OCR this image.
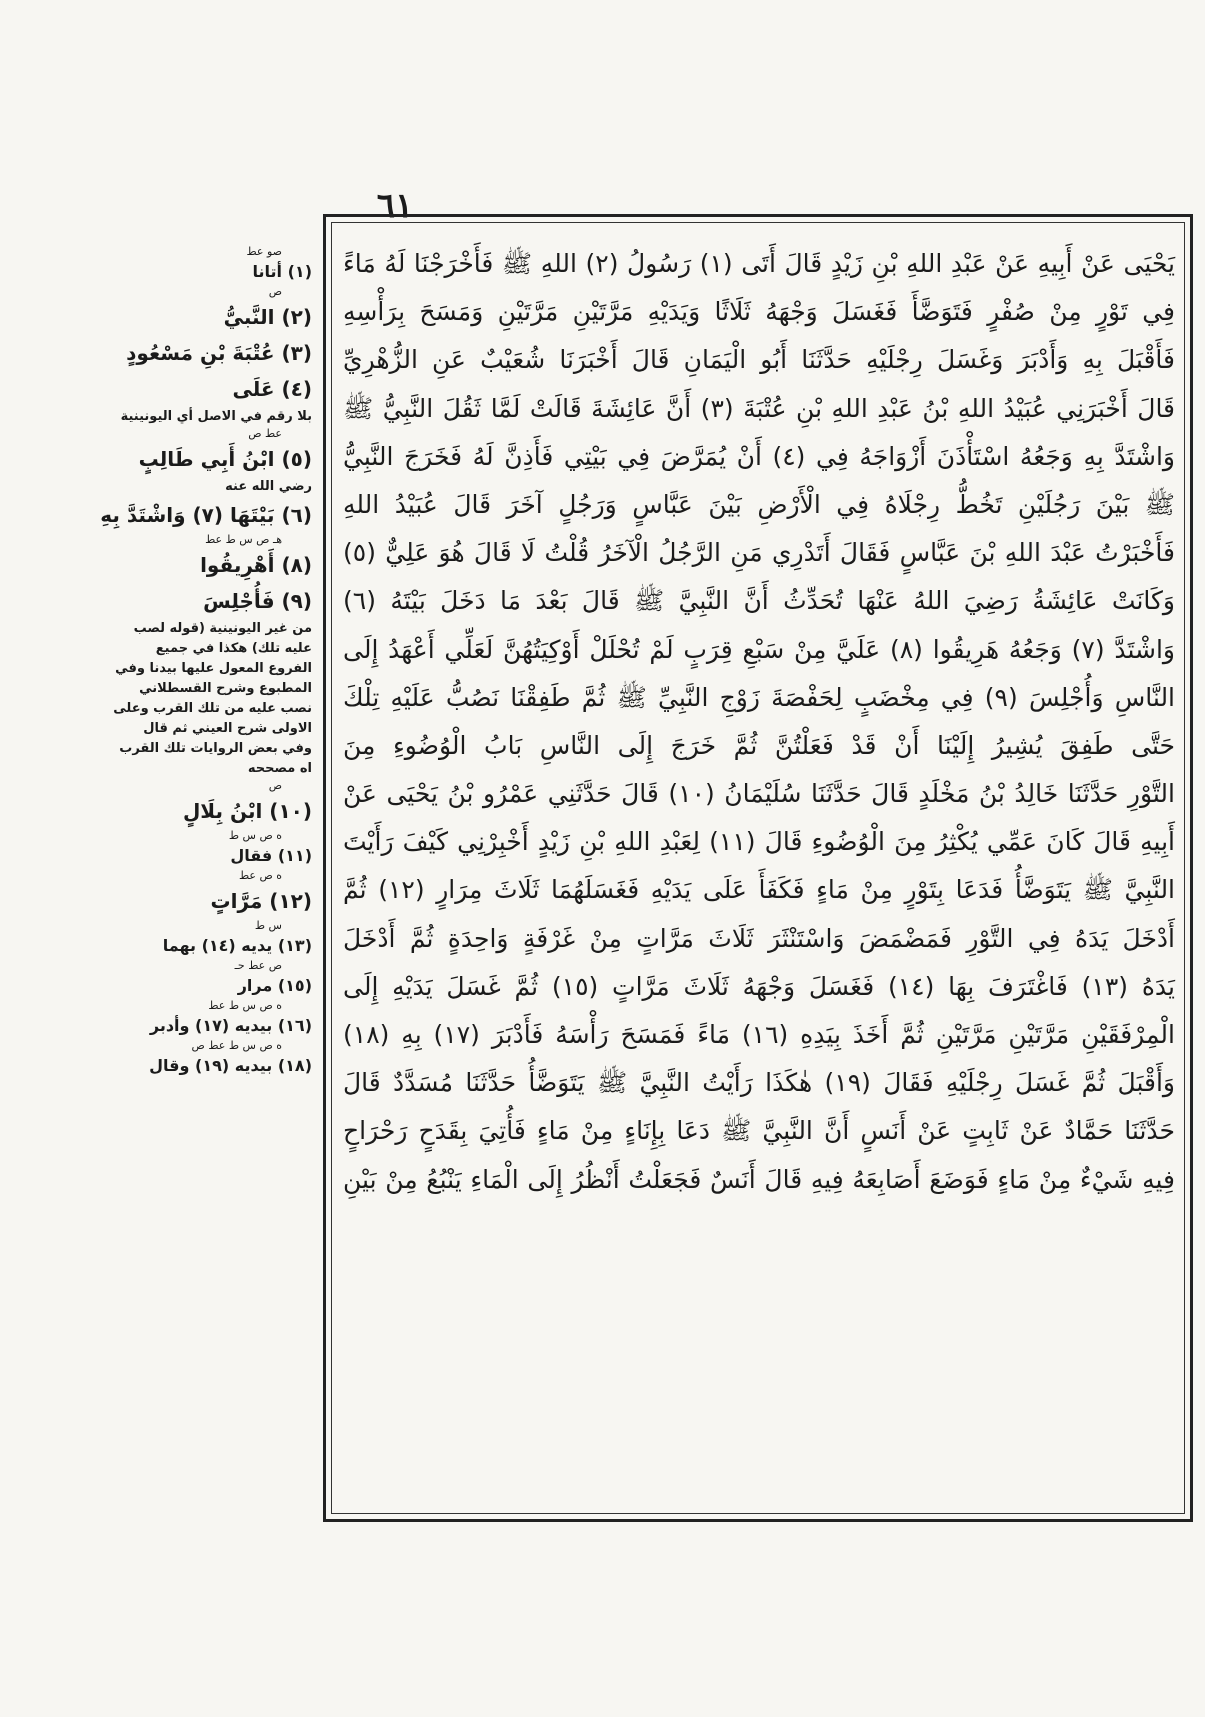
٦١
يَحْيَى عَنْ أَبِيهِ عَنْ عَبْدِ اللهِ بْنِ زَيْدٍ قَالَ أَتَى (١) رَسُولُ (٢) اللهِ ﷺ فَأَخْرَجْنَا لَهُ مَاءً
فِي تَوْرٍ مِنْ صُفْرٍ فَتَوَضَّأَ فَغَسَلَ وَجْهَهُ ثَلَاثًا وَيَدَيْهِ مَرَّتَيْنِ مَرَّتَيْنِ وَمَسَحَ بِرَأْسِهِ
فَأَقْبَلَ بِهِ وَأَدْبَرَ وَغَسَلَ رِجْلَيْهِ حَدَّثَنَا أَبُو الْيَمَانِ قَالَ أَخْبَرَنَا شُعَيْبٌ عَنِ الزُّهْرِيِّ
قَالَ أَخْبَرَنِي عُبَيْدُ اللهِ بْنُ عَبْدِ اللهِ بْنِ عُتْبَةَ (٣) أَنَّ عَائِشَةَ قَالَتْ لَمَّا ثَقُلَ النَّبِيُّ ﷺ
وَاشْتَدَّ بِهِ وَجَعُهُ اسْتَأْذَنَ أَزْوَاجَهُ فِي (٤) أَنْ يُمَرَّضَ فِي بَيْتِي فَأَذِنَّ لَهُ فَخَرَجَ النَّبِيُّ
ﷺ بَيْنَ رَجُلَيْنِ تَخُطُّ رِجْلَاهُ فِي الْأَرْضِ بَيْنَ عَبَّاسٍ وَرَجُلٍ آخَرَ قَالَ عُبَيْدُ اللهِ
فَأَخْبَرْتُ عَبْدَ اللهِ بْنَ عَبَّاسٍ فَقَالَ أَتَدْرِي مَنِ الرَّجُلُ الْآخَرُ قُلْتُ لَا قَالَ هُوَ عَلِيٌّ (٥)
وَكَانَتْ عَائِشَةُ رَضِيَ اللهُ عَنْهَا تُحَدِّثُ أَنَّ النَّبِيَّ ﷺ قَالَ بَعْدَ مَا دَخَلَ بَيْتَهُ (٦)
وَاشْتَدَّ (٧) وَجَعُهُ هَرِيقُوا (٨) عَلَيَّ مِنْ سَبْعِ قِرَبٍ لَمْ تُحْلَلْ أَوْكِيَتُهُنَّ لَعَلِّي أَعْهَدُ إِلَى
النَّاسِ وَأُجْلِسَ (٩) فِي مِخْضَبٍ لِحَفْصَةَ زَوْجِ النَّبِيِّ ﷺ ثُمَّ طَفِقْنَا نَصُبُّ عَلَيْهِ تِلْكَ
حَتَّى طَفِقَ يُشِيرُ إِلَيْنَا أَنْ قَدْ فَعَلْتُنَّ ثُمَّ خَرَجَ إِلَى النَّاسِ بَابُ الْوُضُوءِ مِنَ
التَّوْرِ حَدَّثَنَا خَالِدُ بْنُ مَخْلَدٍ قَالَ حَدَّثَنَا سُلَيْمَانُ (١٠) قَالَ حَدَّثَنِي عَمْرُو بْنُ يَحْيَى عَنْ
أَبِيهِ قَالَ كَانَ عَمِّي يُكْثِرُ مِنَ الْوُضُوءِ قَالَ (١١) لِعَبْدِ اللهِ بْنِ زَيْدٍ أَخْبِرْنِي كَيْفَ رَأَيْتَ
النَّبِيَّ ﷺ يَتَوَضَّأُ فَدَعَا بِتَوْرٍ مِنْ مَاءٍ فَكَفَأَ عَلَى يَدَيْهِ فَغَسَلَهُمَا ثَلَاثَ مِرَارٍ (١٢) ثُمَّ
أَدْخَلَ يَدَهُ فِي التَّوْرِ فَمَضْمَضَ وَاسْتَنْثَرَ ثَلَاثَ مَرَّاتٍ مِنْ غَرْفَةٍ وَاحِدَةٍ ثُمَّ أَدْخَلَ
يَدَهُ (١٣) فَاغْتَرَفَ بِهَا (١٤) فَغَسَلَ وَجْهَهُ ثَلَاثَ مَرَّاتٍ (١٥) ثُمَّ غَسَلَ يَدَيْهِ إِلَى
الْمِرْفَقَيْنِ مَرَّتَيْنِ مَرَّتَيْنِ ثُمَّ أَخَذَ بِيَدِهِ (١٦) مَاءً فَمَسَحَ رَأْسَهُ فَأَدْبَرَ (١٧) بِهِ (١٨)
وَأَقْبَلَ ثُمَّ غَسَلَ رِجْلَيْهِ فَقَالَ (١٩) هٰكَذَا رَأَيْتُ النَّبِيَّ ﷺ يَتَوَضَّأُ حَدَّثَنَا مُسَدَّدٌ قَالَ
حَدَّثَنَا حَمَّادٌ عَنْ ثَابِتٍ عَنْ أَنَسٍ أَنَّ النَّبِيَّ ﷺ دَعَا بِإِنَاءٍ مِنْ مَاءٍ فَأُتِيَ بِقَدَحٍ رَحْرَاحٍ
فِيهِ شَيْءٌ مِنْ مَاءٍ فَوَضَعَ أَصَابِعَهُ فِيهِ قَالَ أَنَسٌ فَجَعَلْتُ أَنْظُرُ إِلَى الْمَاءِ يَنْبُعُ مِنْ بَيْنِ
صو عط
(١) أتانا
ص
(٢) النَّبيُّ
(٣) عُتْبَةَ بْنِ مَسْعُودٍ
(٤) عَلَى
بلا رقم في الاصل أي اليونينية
عط ص
(٥) ابْنُ أَبِي طَالِبٍ
رضي الله عنه
(٦) بَيْتَهَا (٧) وَاشْتَدَّ بِهِ
هـ ص س ط عط
(٨) أَهْرِيقُوا
(٩) فَأُجْلِسَ
من غير اليونينية (قوله لصب عليه تلك) هكذا في جميع الفروع المعول عليها بيدنا وفي المطبوع وشرح القسطلاني نصب عليه من تلك القرب وعلى الاولى شرح العيني ثم قال وفي بعض الروايات تلك القرب اه مصححه
ص
(١٠) ابْنُ بِلَالٍ
ه ص س ط
(١١) فقال
ه ص عط
(١٢) مَرَّاتٍ
س ط
(١٣) يديه (١٤) بهما
ص عط حـ
(١٥) مرار
ه ص س ط عط
(١٦) بيديه (١٧) وأدبر
ه ص س ط عط ص
(١٨) بيديه (١٩) وقال
